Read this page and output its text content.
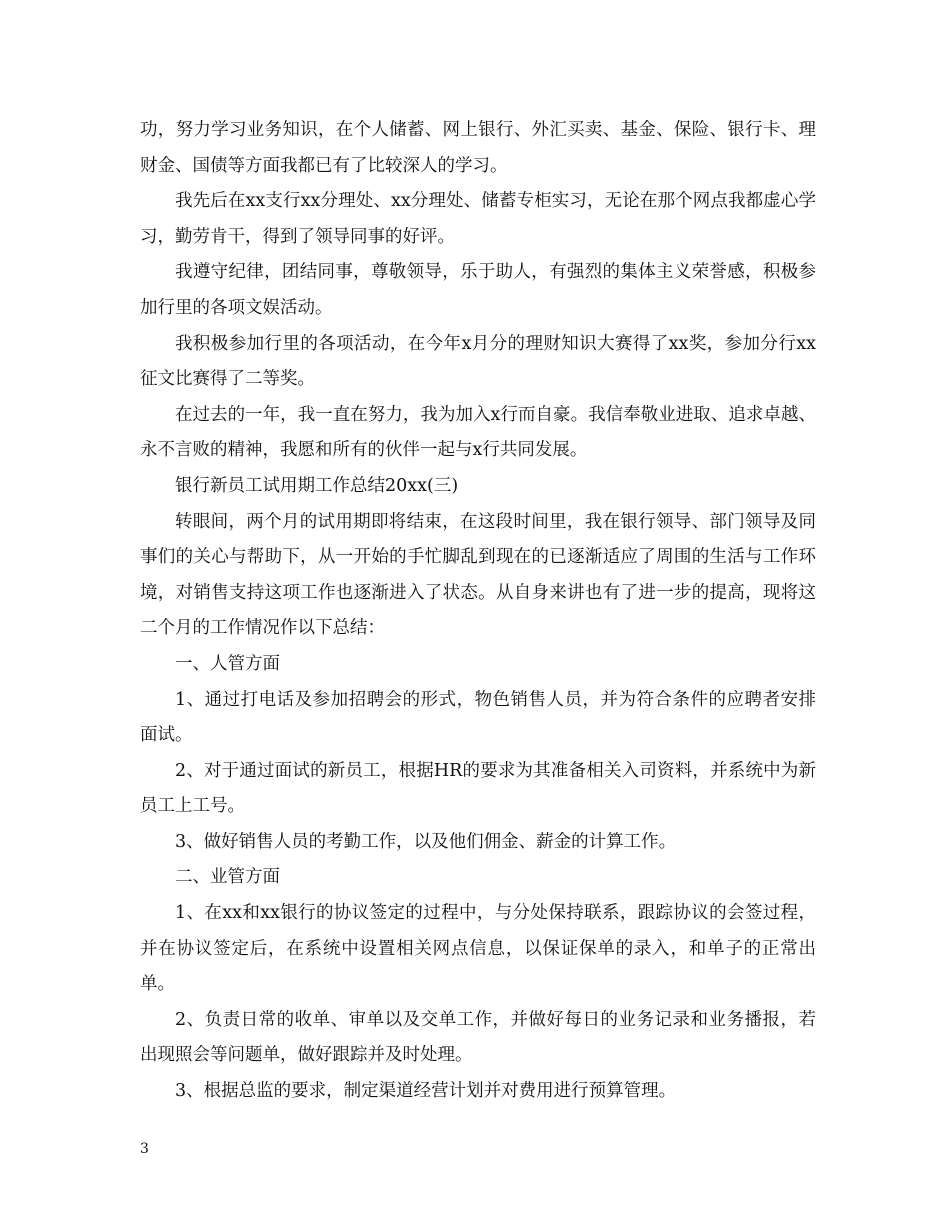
功，努力学习业务知识，在个人储蓄、网上银行、外汇买卖、基金、保险、银行卡、理财金、国债等方面我都已有了比较深人的学习。

我先后在xx支行xx分理处、xx分理处、储蓄专柜实习，无论在那个网点我都虚心学习，勤劳肯干，得到了领导同事的好评。

我遵守纪律，团结同事，尊敬领导，乐于助人，有强烈的集体主义荣誉感，积极参加行里的各项文娱活动。

我积极参加行里的各项活动，在今年x月分的理财知识大赛得了xx奖，参加分行xx征文比赛得了二等奖。

在过去的一年，我一直在努力，我为加入x行而自豪。我信奉敬业进取、追求卓越、永不言败的精神，我愿和所有的伙伴一起与x行共同发展。

银行新员工试用期工作总结20xx(三)

转眼间，两个月的试用期即将结束，在这段时间里，我在银行领导、部门领导及同事们的关心与帮助下，从一开始的手忙脚乱到现在的已逐渐适应了周围的生活与工作环境，对销售支持这项工作也逐渐进入了状态。从自身来讲也有了进一步的提高，现将这二个月的工作情况作以下总结：

一、人管方面

1、通过打电话及参加招聘会的形式，物色销售人员，并为符合条件的应聘者安排面试。

2、对于通过面试的新员工，根据HR的要求为其准备相关入司资料，并系统中为新员工上工号。

3、做好销售人员的考勤工作，以及他们佣金、薪金的计算工作。

二、业管方面

1、在xx和xx银行的协议签定的过程中，与分处保持联系，跟踪协议的会签过程，并在协议签定后，在系统中设置相关网点信息，以保证保单的录入，和单子的正常出单。

2、负责日常的收单、审单以及交单工作，并做好每日的业务记录和业务播报，若出现照会等问题单，做好跟踪并及时处理。

3、根据总监的要求，制定渠道经营计划并对费用进行预算管理。

3
